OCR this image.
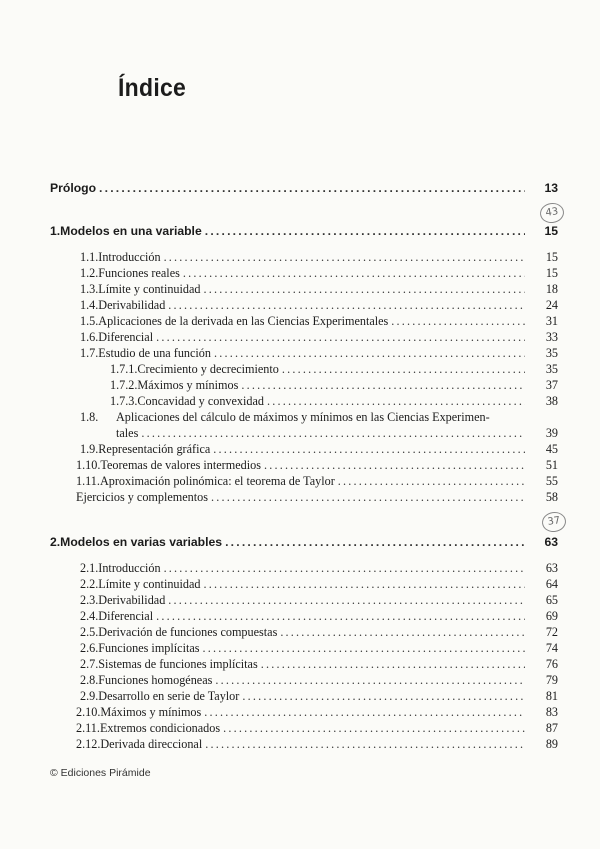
Índice
Prólogo .....	13
1. Modelos en una variable .....	15
1.1. Introducción .....	15
1.2. Funciones reales .....	15
1.3. Límite y continuidad .....	18
1.4. Derivabilidad .....	24
1.5. Aplicaciones de la derivada en las Ciencias Experimentales .....	31
1.6. Diferencial .....	33
1.7. Estudio de una función .....	35
1.7.1. Crecimiento y decrecimiento .....	35
1.7.2. Máximos y mínimos .....	37
1.7.3. Concavidad y convexidad .....	38
1.8. Aplicaciones del cálculo de máximos y mínimos en las Ciencias Experimen-
tales .....	39
1.9. Representación gráfica .....	45
1.10. Teoremas de valores intermedios .....	51
1.11. Aproximación polinómica: el teorema de Taylor .....	55
Ejercicios y complementos .....	58
2. Modelos en varias variables .....	63
2.1. Introducción .....	63
2.2. Límite y continuidad .....	64
2.3. Derivabilidad .....	65
2.4. Diferencial .....	69
2.5. Derivación de funciones compuestas .....	72
2.6. Funciones implícitas .....	74
2.7. Sistemas de funciones implícitas .....	76
2.8. Funciones homogéneas .....	79
2.9. Desarrollo en serie de Taylor .....	81
2.10. Máximos y mínimos .....	83
2.11. Extremos condicionados .....	87
2.12. Derivada direccional .....	89
43
37
© Ediciones Pirámide
